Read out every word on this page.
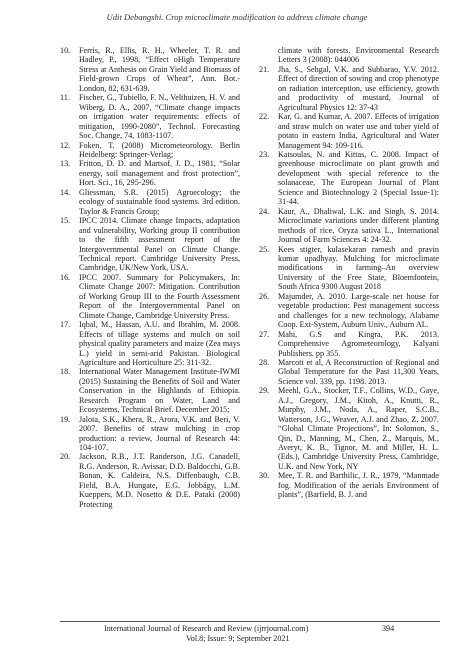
Udit Debangshi. Crop microclimate modification to address climate change
10.	Ferris, R., Ellis, R. H., Wheeler, T. R. and Hadley, P., 1998, “Effect oHigh Temperature Stress at Anthesis on Grain Yield and Biomass of Field-grown Crops of Wheat”, Ann. Bot.-London, 82, 631-639.
11.	Fischer, G., Tubiello, F. N., Velthuizen, H. V. and Wiberg, D. A., 2007, “Climate change impacts on irrigation water requirements: effects of mitigation, 1990-2080”, Technol. Forecasting Soc. Change, 74, 1083-1107.
12.	Foken, T. (2008) Micrometeorology. Berlin Heidelberg: Springer-Verlag;
13.	Fritton, D. D. and Martsof, J. D., 1981, “Solar energy, soil management and frost protection”, Hort. Sci., 16, 295-296.
14.	Gliessman, S.R. (2015) Agroecology; the ecology of sustainable food systems. 3rd edition. Taylor & Francis Group;
15.	IPCC 2014. Climate change Impacts, adaptation and vulnerability, Working group II contribution to the fifth assessment report of the Intergovernmental Panel on Climate Change. Technical report. Cambridge University Press, Cambridge, UK/New York, USA.
16.	IPCC 2007. Summary for Policymakers, In: Climate Change 2007: Mitigation. Contribution of Working Group III to the Fourth Assessment Report of the Intergovernmental Panel on Climate Change, Cambridge University Press.
17.	Iqbal, M., Hassan, A.U. and Ibrahim, M. 2008. Effects of tillage systems and mulch on soil physical quality parameters and maize (Zea mays L.) yield in semi-arid Pakistan. Biological Agriculture and Horticulture 25: 311-32.
18.	International Water Management Institute-IWMI (2015) Sustaining the Benefits of Soil and Water Conservation in the Highlands of Ethiopia. Research Program on Water, Land and Ecosystems, Technical Brief. December 2015;
19.	Jalota, S.K., Khera, R., Arora, V.K. and Beri, V. 2007. Benefits of straw mulching in crop production: a review, Journal of Research 44: 104-107.
20.	Jackson, R.B., J.T. Randerson, J.G. Canadell, R.G. Anderson, R. Avissar, D.D. Baldocchi, G.B. Bonan, K. Caldeira, N.S. Diffenbaugh, C.B. Field, B.A. Hungate, E.G. Jobbágy, L.M. Kueppers, M.D. Nosetto & D.E. Pataki (2008) Protecting
climate with forests. Environmental Research Letters 3 (2008): 044006
21.	Jha, S., Sehgal, V.K. and Subbarao, Y.V. 2012. Effect of direction of sowing and crop phenotype on radiation interception, use efficiency, growth and productivity of mustard, Journal of Agricultural Physics 12: 37-43
22.	Kar, G. and Kumar, A. 2007. Effects of irrigation and straw mulch on water use and tuber yield of potato in eastern India, Agricultural and Water Management 94: 109-116.
23.	Katsoulas, N. and Kittas, C. 2008. Impact of greenhouse microclimate on plant growth and development with special reference to the solanaceae, The European Journal of Plant Science and Biotechnology 2 (Special Issue-1): 31-44.
24.	Kaur, A., Dhaliwal, L.K. and Singh, S. 2014. Microclimate variations under different planting methods of rice, Oryza sativa L., International Journal of Farm Sciences 4: 24-32.
25.	Kees stigter, kulasekaran ramesh and pravin kumar upadhyay. Mulching for microclimate modifications in farming–An overview University of the Free State, Bloemfontein, South Africa 9300 August 2018
26.	Majumder, A. 2010. Large-scale net house for vegetable production: Pest management success and challenges for a new technology, Alabame Coop. Ext-System, Auburn Univ., Auburn AL.
27.	Mahi, G.S and Kingra, P.K. 2013. Comprehensive Agrometeorology, Kalyani Publishers. pp 355.
28.	Marcott et al, A Reconstruction of Regional and Global Temperature for the Past 11,300 Years, Science vol. 339, pp. 1198. 2013.
29.	Meehl, G.A., Stocker, T.F., Collins, W.D., Gaye, A.J., Gregory, J.M., Kitoh, A., Knutti, R., Murphy, J.M., Noda, A., Raper, S.C.B., Watterson, J.G., Weaver, A.J. and Zhao, Z. 2007. “Global Climate Projections”, In: Solomon, S., Qin, D., Manning, M., Chen, Z., Marquis, M., Averyt, K. B., Tignor, M. and Miller, H. L. (Eds.), Cambridge University Press, Cambridge, U.K. and New York, NY
30.	Mee, T. R. and Barthilic, J. R., 1979, “Manmade fog. Modification of the aerials Environment of plants”, (Barfield, B. J. and
International Journal of Research and Review (ijrrjournal.com)
Vol.8; Issue: 9; September 2021
394
